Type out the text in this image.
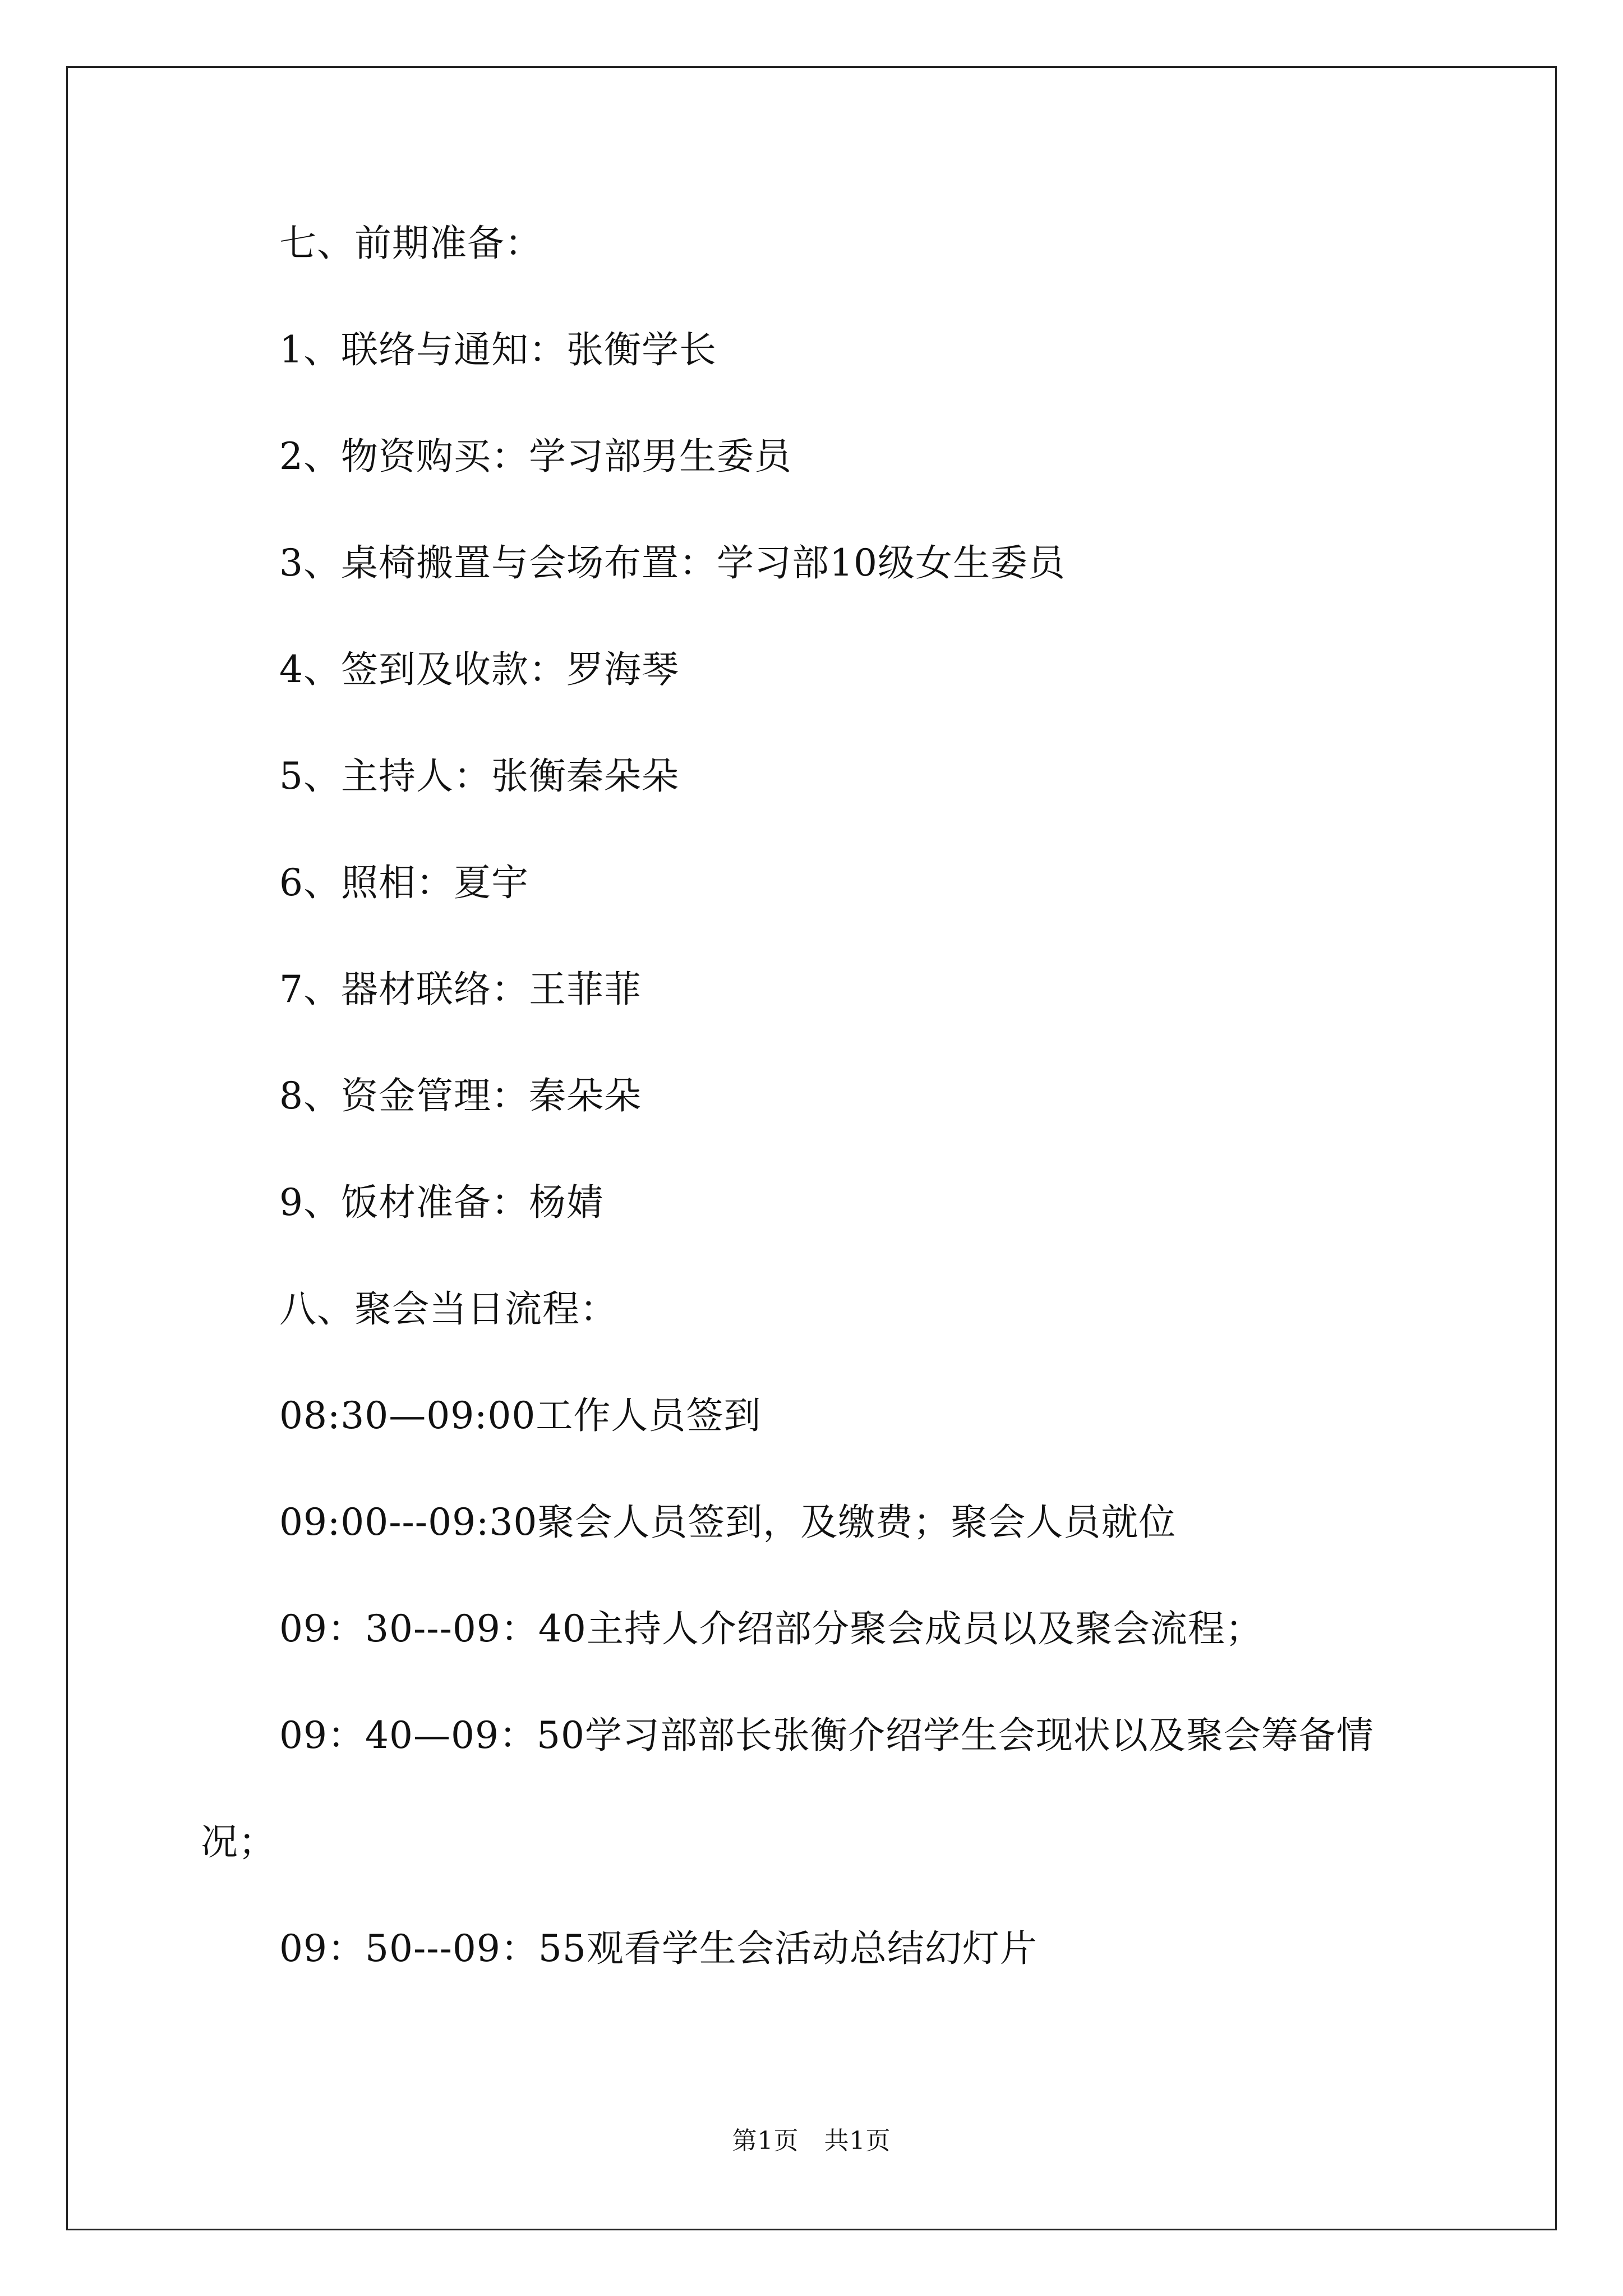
七、前期准备：
1、联络与通知：张衡学长
2、物资购买：学习部男生委员
3、桌椅搬置与会场布置：学习部10级女生委员
4、签到及收款：罗海琴
5、主持人：张衡秦朵朵
6、照相：夏宇
7、器材联络：王菲菲
8、资金管理：秦朵朵
9、饭材准备：杨婧
八、聚会当日流程：
08:30—09:00工作人员签到
09:00---09:30聚会人员签到，及缴费；聚会人员就位
09：30---09：40主持人介绍部分聚会成员以及聚会流程；
09：40—09：50学习部部长张衡介绍学生会现状以及聚会筹备情况；
09：50---09：55观看学生会活动总结幻灯片
第1页　共1页
